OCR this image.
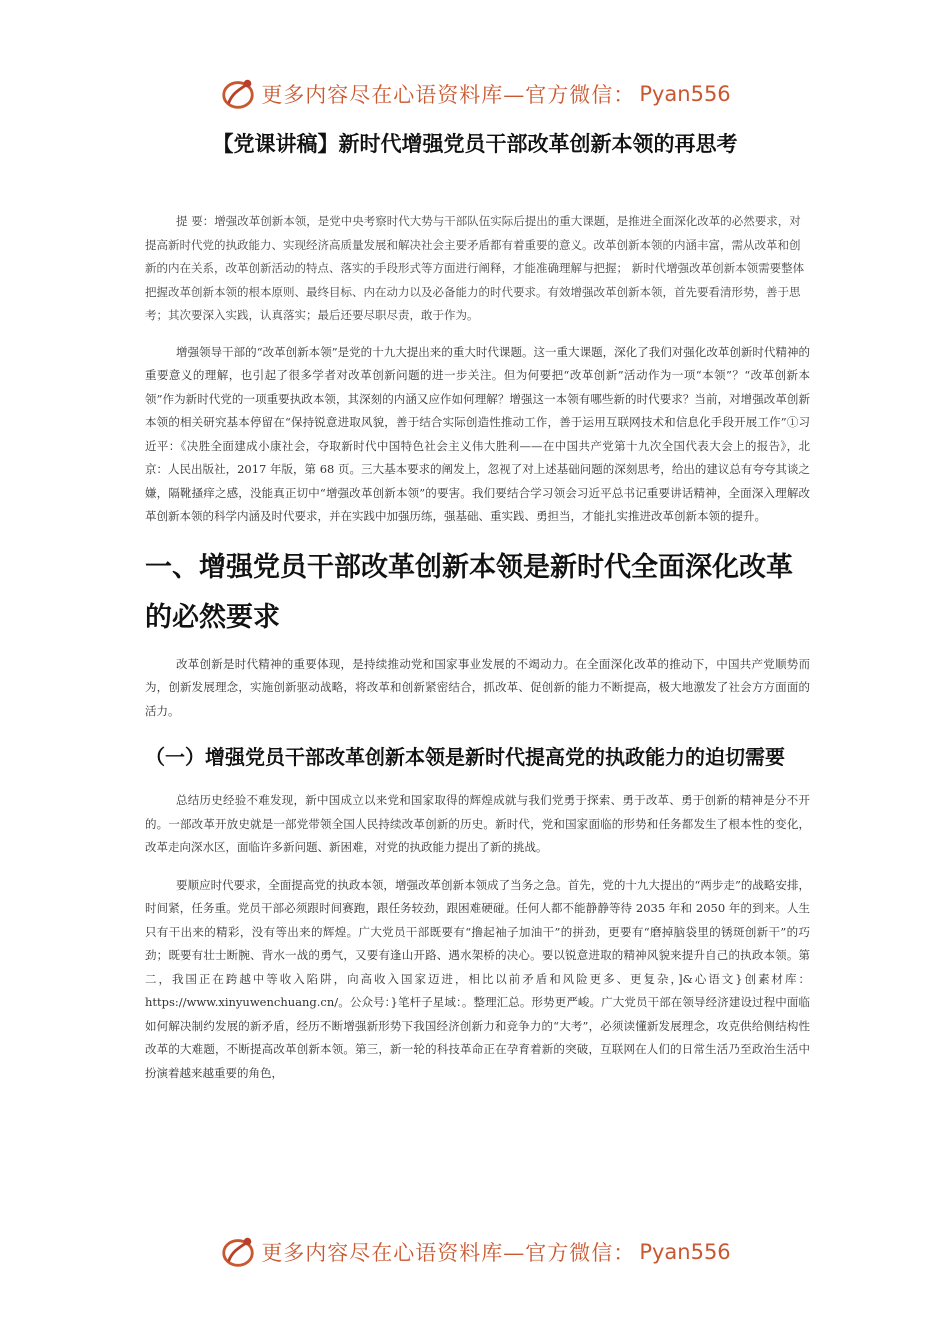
更多内容尽在心语资料库—官方微信： Pyan556
【党课讲稿】新时代增强党员干部改革创新本领的再思考

提 要：增强改革创新本领，是党中央考察时代大势与干部队伍实际后提出的重大课题，是推进全面深化改革的必然要求，对提高新时代党的执政能力、实现经济高质量发展和解决社会主要矛盾都有着重要的意义。改革创新本领的内涵丰富，需从改革和创新的内在关系，改革创新活动的特点、落实的手段形式等方面进行阐释，才能准确理解与把握； 新时代增强改革创新本领需要整体把握改革创新本领的根本原则、最终目标、内在动力以及必备能力的时代要求。有效增强改革创新本领，首先要看清形势，善于思考；其次要深入实践，认真落实；最后还要尽职尽责，敢于作为。

增强领导干部的“改革创新本领”是党的十九大提出来的重大时代课题。这一重大课题，深化了我们对强化改革创新时代精神的重要意义的理解，也引起了很多学者对改革创新问题的进一步关注。但为何要把“改革创新”活动作为一项“本领”？“改革创新本领”作为新时代党的一项重要执政本领，其深刻的内涵又应作如何理解？增强这一本领有哪些新的时代要求？当前，对增强改革创新本领的相关研究基本停留在“保持锐意进取风貌，善于结合实际创造性推动工作，善于运用互联网技术和信息化手段开展工作”①习近平：《决胜全面建成小康社会，夺取新时代中国特色社会主义伟大胜利——在中国共产党第十九次全国代表大会上的报告》，北京：人民出版社，2017 年版，第 68 页。三大基本要求的阐发上，忽视了对上述基础问题的深刻思考，给出的建议总有夸夸其谈之嫌，隔靴搔痒之感，没能真正切中“增强改革创新本领”的要害。我们要结合学习领会习近平总书记重要讲话精神，全面深入理解改革创新本领的科学内涵及时代要求，并在实践中加强历练，强基础、重实践、勇担当，才能扎实推进改革创新本领的提升。

一、增强党员干部改革创新本领是新时代全面深化改革的必然要求

改革创新是时代精神的重要体现，是持续推动党和国家事业发展的不竭动力。在全面深化改革的推动下，中国共产党顺势而为，创新发展理念，实施创新驱动战略，将改革和创新紧密结合，抓改革、促创新的能力不断提高，极大地激发了社会方方面面的活力。

（一）增强党员干部改革创新本领是新时代提高党的执政能力的迫切需要

总结历史经验不难发现，新中国成立以来党和国家取得的辉煌成就与我们党勇于探索、勇于改革、勇于创新的精神是分不开的。一部改革开放史就是一部党带领全国人民持续改革创新的历史。新时代，党和国家面临的形势和任务都发生了根本性的变化，改革走向深水区，面临许多新问题、新困难，对党的执政能力提出了新的挑战。

要顺应时代要求，全面提高党的执政本领，增强改革创新本领成了当务之急。首先，党的十九大提出的“两步走”的战略安排，时间紧，任务重。党员干部必须跟时间赛跑，跟任务较劲，跟困难硬碰。任何人都不能静静等待 2035 年和 2050 年的到来。人生只有干出来的精彩，没有等出来的辉煌。广大党员干部既要有“撸起袖子加油干”的拼劲，更要有“磨掉脑袋里的锈斑创新干”的巧劲；既要有壮士断腕、背水一战的勇气，又要有逢山开路、遇水架桥的决心。要以锐意进取的精神风貌来提升自己的执政本领。第二，我国正在跨越中等收入陷阱，向高收入国家迈进，相比以前矛盾和风险更多、更复杂，]&心语文}创素材库：https://www.xinyuwenchuang.cn/。公众号：}笔杆子星域：。整理汇总。形势更严峻。广大党员干部在领导经济建设过程中面临如何解决制约发展的新矛盾，经历不断增强新形势下我国经济创新力和竞争力的“大考”，必须读懂新发展理念，攻克供给侧结构性改革的大难题，不断提高改革创新本领。第三，新一轮的科技革命正在孕育着新的突破，互联网在人们的日常生活乃至政治生活中扮演着越来越重要的角色，

更多内容尽在心语资料库—官方微信： Pyan556
